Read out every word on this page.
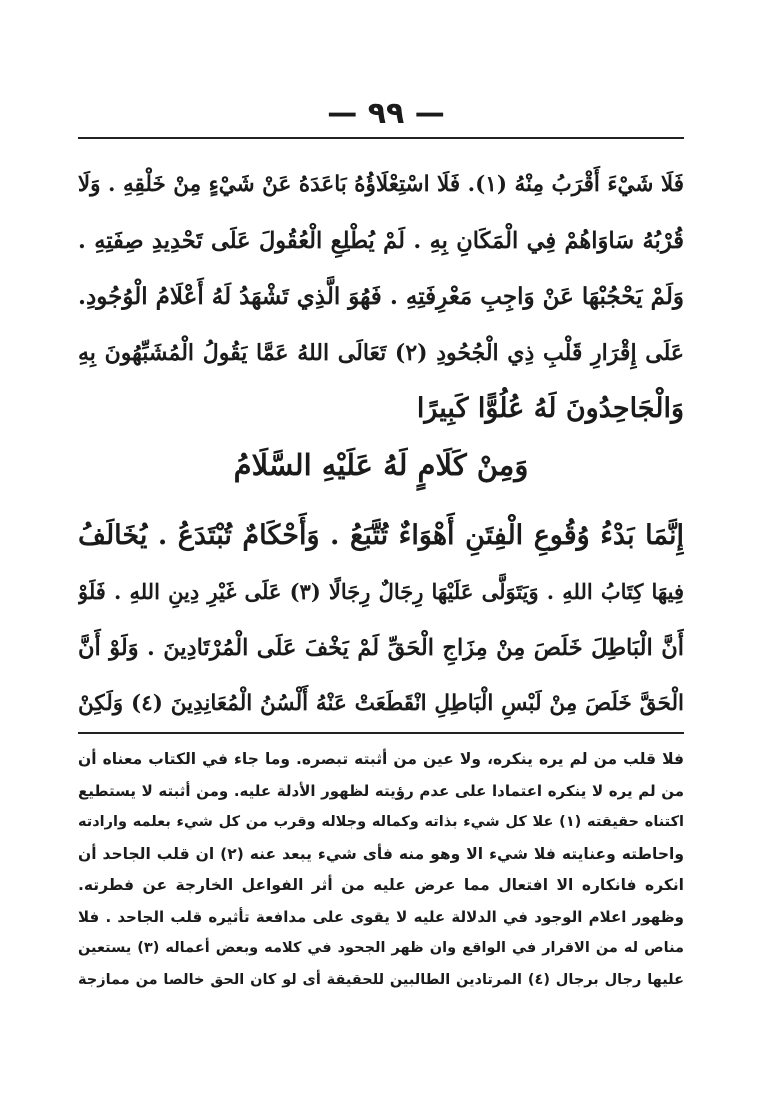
— ٩٩ —
فَلَا شَيْءَ أَقْرَبُ مِنْهُ (١). فَلَا اسْتِعْلَاؤُهُ بَاعَدَهُ عَنْ شَيْءٍ مِنْ خَلْقِهِ . وَلَا
قُرْبُهُ سَاوَاهُمْ فِي الْمَكَانِ بِهِ . لَمْ يُطْلِعِ الْعُقُولَ عَلَى تَحْدِيدِ صِفَتِهِ .
وَلَمْ يَحْجُبْهَا عَنْ وَاجِبِ مَعْرِفَتِهِ . فَهُوَ الَّذِي تَشْهَدُ لَهُ أَعْلَامُ الْوُجُودِ.
عَلَى إِقْرَارِ قَلْبِ ذِي الْجُحُودِ (٢) تَعَالَى اللهُ عَمَّا يَقُولُ الْمُشَبِّهُونَ بِهِ
وَالْجَاحِدُونَ لَهُ عُلُوًّا كَبِيرًا
وَمِنْ كَلَامٍ لَهُ عَلَيْهِ السَّلَامُ
إِنَّمَا بَدْءُ وُقُوعِ الْفِتَنِ أَهْوَاءٌ تُتَّبَعُ . وَأَحْكَامٌ تُبْتَدَعُ . يُخَالَفُ
فِيهَا كِتَابُ اللهِ . وَيَتَوَلَّى عَلَيْهَا رِجَالٌ رِجَالًا (٣) عَلَى غَيْرِ دِينِ اللهِ . فَلَوْ
أَنَّ الْبَاطِلَ خَلَصَ مِنْ مِزَاجِ الْحَقِّ لَمْ يَخْفَ عَلَى الْمُرْتَادِينَ . وَلَوْ أَنَّ
الْحَقَّ خَلَصَ مِنْ لَبْسِ الْبَاطِلِ انْقَطَعَتْ عَنْهُ أَلْسُنُ الْمُعَانِدِينَ (٤) وَلَكِنْ
فلا قلب من لم يره ينكره، ولا عين من أثبته تبصره. وما جاء في الكتاب معناه أن
من لم يره لا ينكره اعتمادا على عدم رؤيته لظهور الأدلة عليه. ومن أثبته لا يستطيع
اكتناه حقيقته (١) علا كل شيء بذاته وكماله وجلاله وقرب من كل شيء بعلمه وارادته
واحاطته وعنايته فلا شيء الا وهو منه فأى شيء يبعد عنه (٢) ان قلب الجاحد أن
انكره فانكاره الا افتعال مما عرض عليه من أثر الفواعل الخارجة عن فطرته.
وظهور اعلام الوجود في الدلالة عليه لا يقوى على مدافعة تأثيره قلب الجاحد . فلا
مناص له من الاقرار في الواقع وان ظهر الجحود في كلامه وبعض أعماله (٣) يستعين
عليها رجال برجال (٤) المرتادين الطالبين للحقيقة أى لو كان الحق خالصا من ممازجة
